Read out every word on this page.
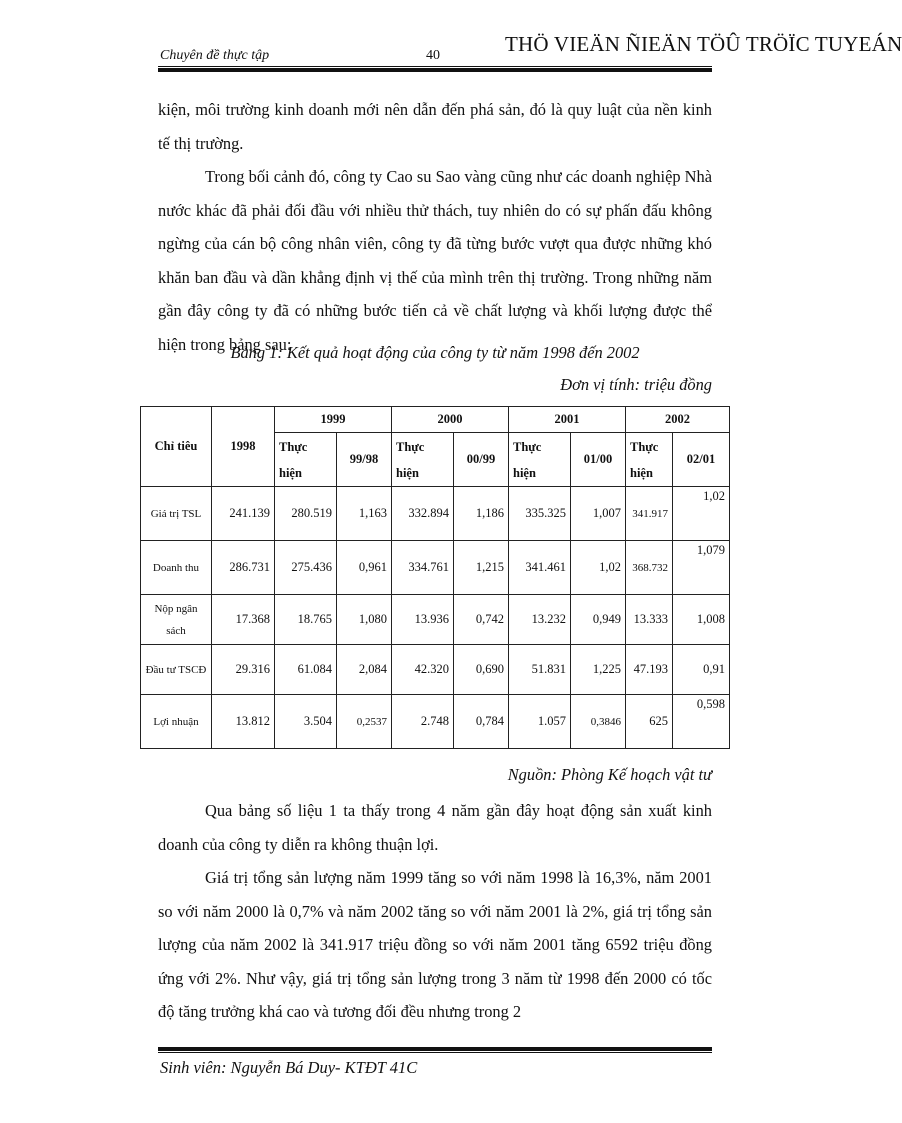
Chuyên đề thực tập	40	THÖ VIEÄN ÑIEÄN TÖÛ TRÖÏC TUYEÁN

kiện, môi trường kinh doanh mới nên dẫn đến phá sản, đó là quy luật của nền kinh tế thị trường.

Trong bối cảnh đó, công ty Cao su Sao vàng cũng như các doanh nghiệp Nhà nước khác đã phải đối đầu với nhiều thử thách, tuy nhiên do có sự phấn đấu không ngừng của cán bộ công nhân viên, công ty đã từng bước vượt qua được những khó khăn ban đầu và dần khẳng định vị thế của mình trên thị trường. Trong những năm gần đây công ty đã có những bước tiến cả về chất lượng và khối lượng được thể hiện trong bảng sau:

Bảng 1: Kết quả hoạt động của công ty từ năm 1998 đến 2002
Đơn vị tính: triệu đồng
Chỉ tiêu	1998	1999		2000		2001		2002	
		Thực hiện	99/98	Thực hiện	00/99	Thực hiện	01/00	Thực hiện	02/01
Giá trị TSL	241.139	280.519	1,163	332.894	1,186	335.325	1,007	341.917	1,02
Doanh thu	286.731	275.436	0,961	334.761	1,215	341.461	1,02	368.732	1,079
Nộp ngân sách	17.368	18.765	1,080	13.936	0,742	13.232	0,949	13.333	1,008
Đầu tư TSCĐ	29.316	61.084	2,084	42.320	0,690	51.831	1,225	47.193	0,91
Lợi nhuận	13.812	3.504	0,2537	2.748	0,784	1.057	0,3846	625	0,598
Nguồn: Phòng Kế hoạch vật tư

Qua bảng số liệu 1 ta thấy trong 4 năm gần đây hoạt động sản xuất kinh doanh của công ty diễn ra không thuận lợi.

Giá trị tổng sản lượng năm 1999 tăng so với năm 1998 là 16,3%, năm 2001 so với năm 2000 là 0,7% và năm 2002 tăng so với năm 2001 là 2%, giá trị tổng sản lượng của năm 2002 là 341.917 triệu đồng so với năm 2001 tăng 6592 triệu đồng ứng với 2%. Như vậy, giá trị tổng sản lượng trong 3 năm từ 1998 đến 2000 có tốc độ tăng trưởng khá cao và tương đối đều nhưng trong 2

Sinh viên: Nguyễn Bá Duy- KTĐT 41C
